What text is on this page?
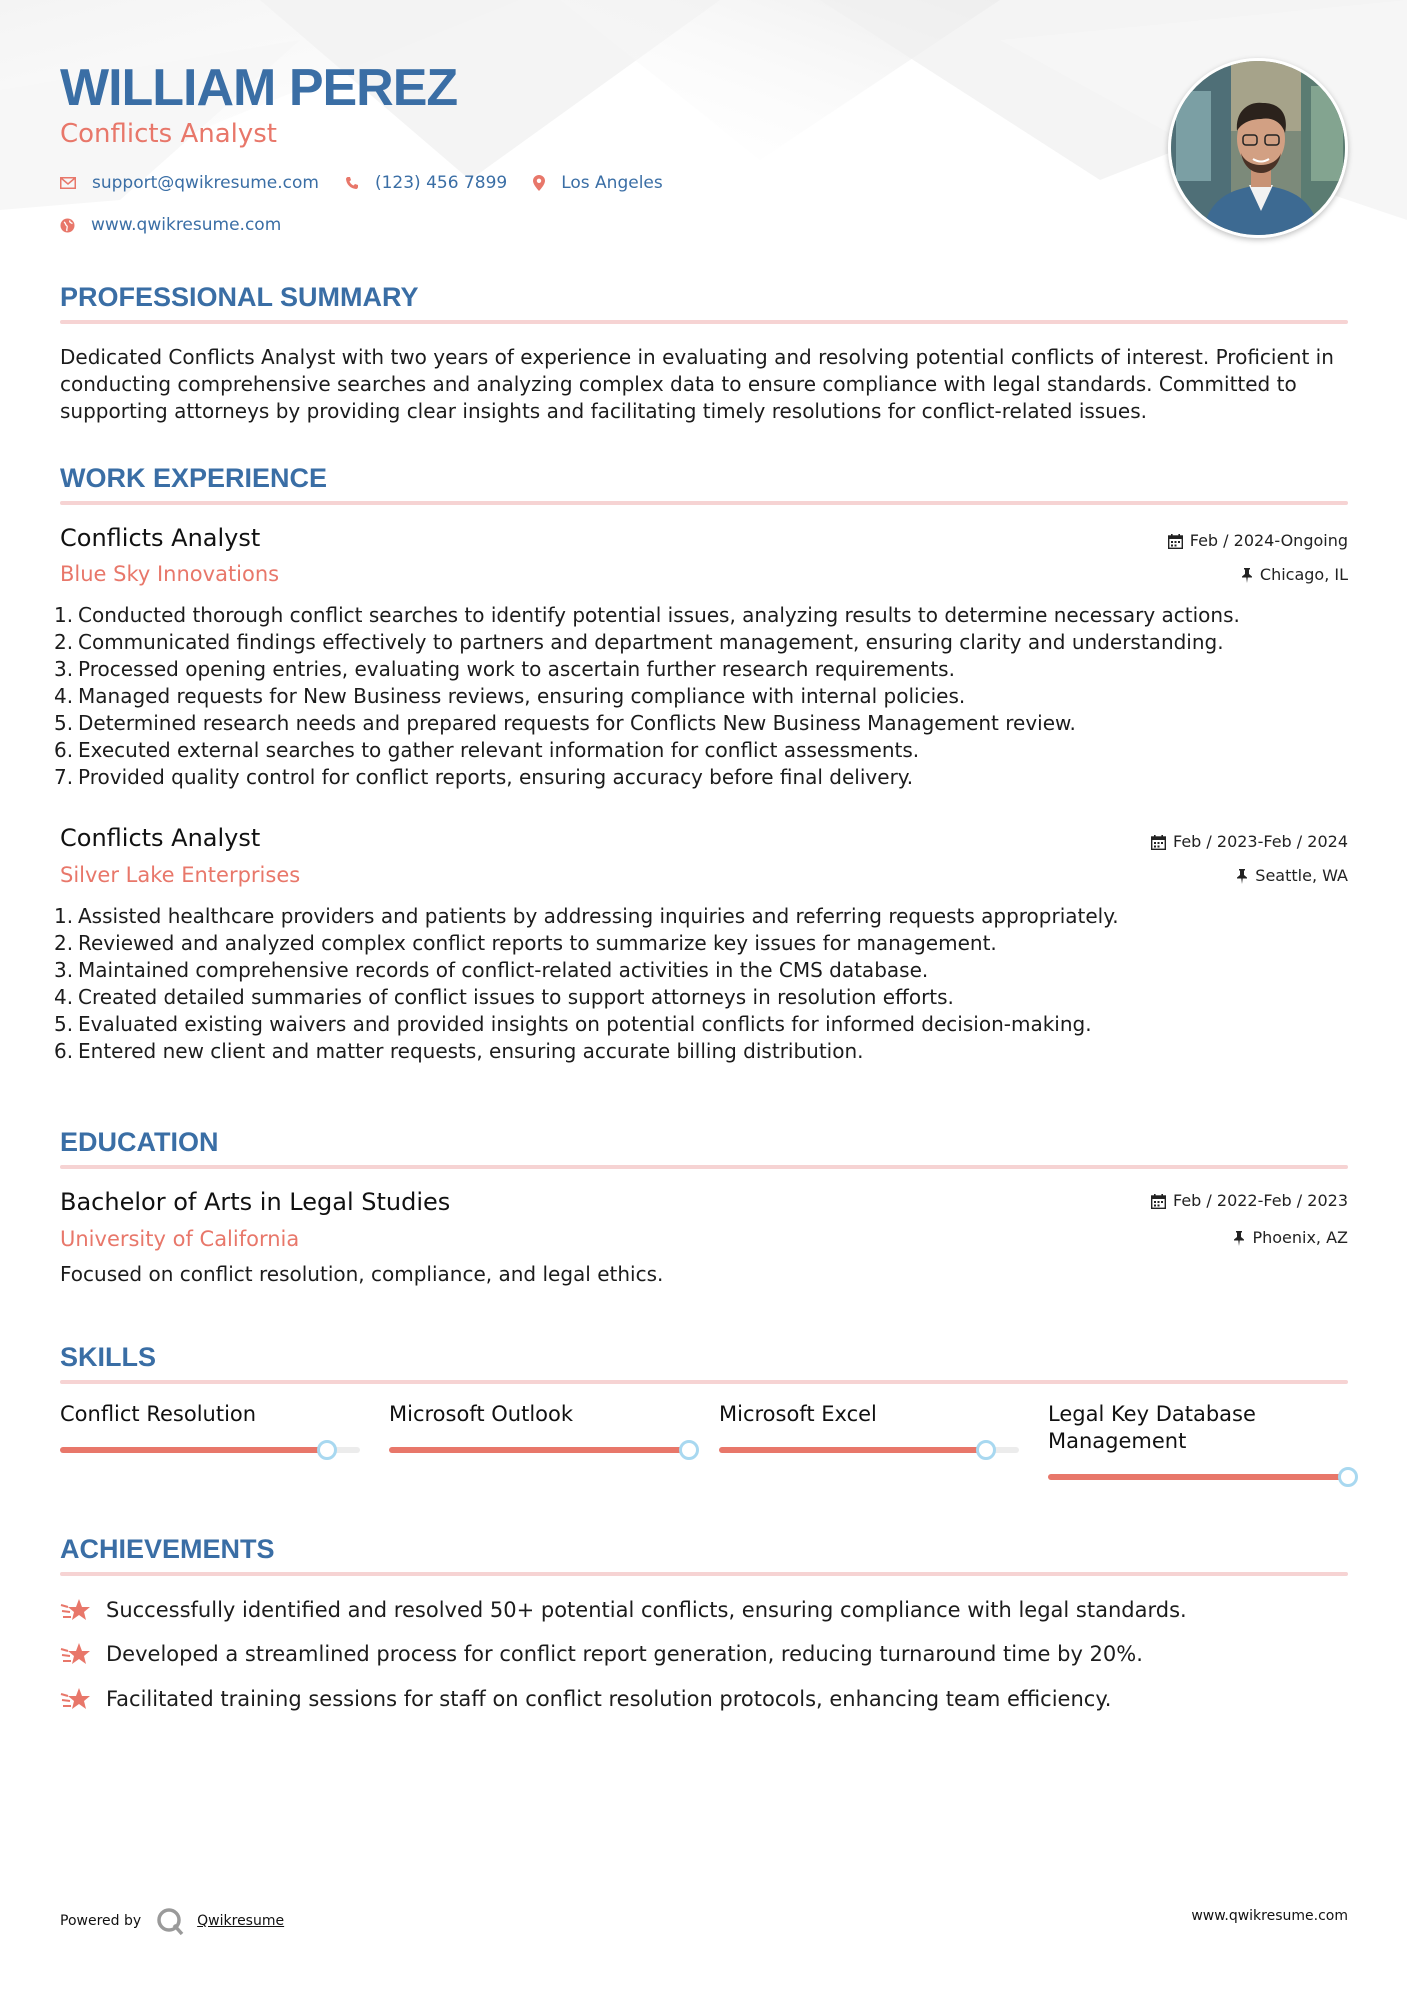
WILLIAM PEREZ
Conflicts Analyst
support@qwikresume.com	(123) 456 7899	Los Angeles
www.qwikresume.com
PROFESSIONAL SUMMARY
Dedicated Conflicts Analyst with two years of experience in evaluating and resolving potential conflicts of interest. Proficient in conducting comprehensive searches and analyzing complex data to ensure compliance with legal standards. Committed to supporting attorneys by providing clear insights and facilitating timely resolutions for conflict-related issues.
WORK EXPERIENCE
Conflicts Analyst	Feb / 2024-Ongoing
Blue Sky Innovations	Chicago, IL
1. Conducted thorough conflict searches to identify potential issues, analyzing results to determine necessary actions.
2. Communicated findings effectively to partners and department management, ensuring clarity and understanding.
3. Processed opening entries, evaluating work to ascertain further research requirements.
4. Managed requests for New Business reviews, ensuring compliance with internal policies.
5. Determined research needs and prepared requests for Conflicts New Business Management review.
6. Executed external searches to gather relevant information for conflict assessments.
7. Provided quality control for conflict reports, ensuring accuracy before final delivery.
Conflicts Analyst	Feb / 2023-Feb / 2024
Silver Lake Enterprises	Seattle, WA
1. Assisted healthcare providers and patients by addressing inquiries and referring requests appropriately.
2. Reviewed and analyzed complex conflict reports to summarize key issues for management.
3. Maintained comprehensive records of conflict-related activities in the CMS database.
4. Created detailed summaries of conflict issues to support attorneys in resolution efforts.
5. Evaluated existing waivers and provided insights on potential conflicts for informed decision-making.
6. Entered new client and matter requests, ensuring accurate billing distribution.
EDUCATION
Bachelor of Arts in Legal Studies	Feb / 2022-Feb / 2023
University of California	Phoenix, AZ
Focused on conflict resolution, compliance, and legal ethics.
SKILLS
Conflict Resolution	Microsoft Outlook	Microsoft Excel	Legal Key Database Management
ACHIEVEMENTS
Successfully identified and resolved 50+ potential conflicts, ensuring compliance with legal standards.
Developed a streamlined process for conflict report generation, reducing turnaround time by 20%.
Facilitated training sessions for staff on conflict resolution protocols, enhancing team efficiency.
Powered by	Qwikresume	www.qwikresume.com
